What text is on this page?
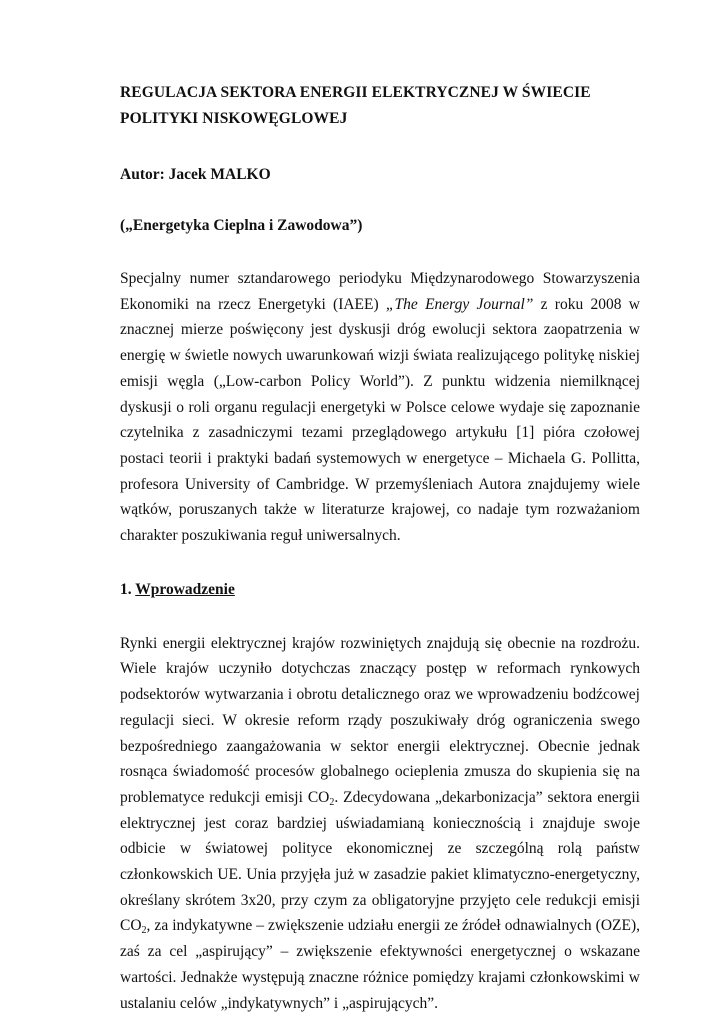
REGULACJA SEKTORA ENERGII ELEKTRYCZNEJ W ŚWIECIE
POLITYKI NISKOWĘGLOWEJ

Autor: Jacek MALKO

(„Energetyka Cieplna i Zawodowa”)

Specjalny numer sztandarowego periodyku Międzynarodowego Stowarzyszenia Ekonomiki na rzecz Energetyki (IAEE) „The Energy Journal” z roku 2008 w znacznej mierze poświęcony jest dyskusji dróg ewolucji sektora zaopatrzenia w energię w świetle nowych uwarunkowań wizji świata realizującego politykę niskiej emisji węgla („Low-carbon Policy World”). Z punktu widzenia niemilknącej dyskusji o roli organu regulacji energetyki w Polsce celowe wydaje się zapoznanie czytelnika z zasadniczymi tezami przeglądowego artykułu [1] pióra czołowej postaci teorii i praktyki badań systemowych w energetyce – Michaela G. Pollitta, profesora University of Cambridge. W przemyśleniach Autora znajdujemy wiele wątków, poruszanych także w literaturze krajowej, co nadaje tym rozważaniom charakter poszukiwania reguł uniwersalnych.

1. Wprowadzenie

Rynki energii elektrycznej krajów rozwiniętych znajdują się obecnie na rozdrożu. Wiele krajów uczyniło dotychczas znaczący postęp w reformach rynkowych podsektorów wytwarzania i obrotu detalicznego oraz we wprowadzeniu bodźcowej regulacji sieci. W okresie reform rządy poszukiwały dróg ograniczenia swego bezpośredniego zaangażowania w sektor energii elektrycznej. Obecnie jednak rosnąca świadomość procesów globalnego ocieplenia zmusza do skupienia się na problematyce redukcji emisji $CO_2$. Zdecydowana „dekarbonizacja” sektora energii elektrycznej jest coraz bardziej uświadamianą koniecznością i znajduje swoje odbicie w światowej polityce ekonomicznej ze szczególną rolą państw członkowskich UE. Unia przyjęła już w zasadzie pakiet klimatyczno-energetyczny, określany skrótem 3x20, przy czym za obligatoryjne przyjęto cele redukcji emisji $CO_2$, za indykatywne – zwiększenie udziału energii ze źródeł odnawialnych (OZE), zaś za cel „aspirujący” – zwiększenie efektywności energetycznej o wskazane wartości. Jednakże występują znaczne różnice pomiędzy krajami członkowskimi w ustalaniu celów „indykatywnych” i „aspirujących”.
